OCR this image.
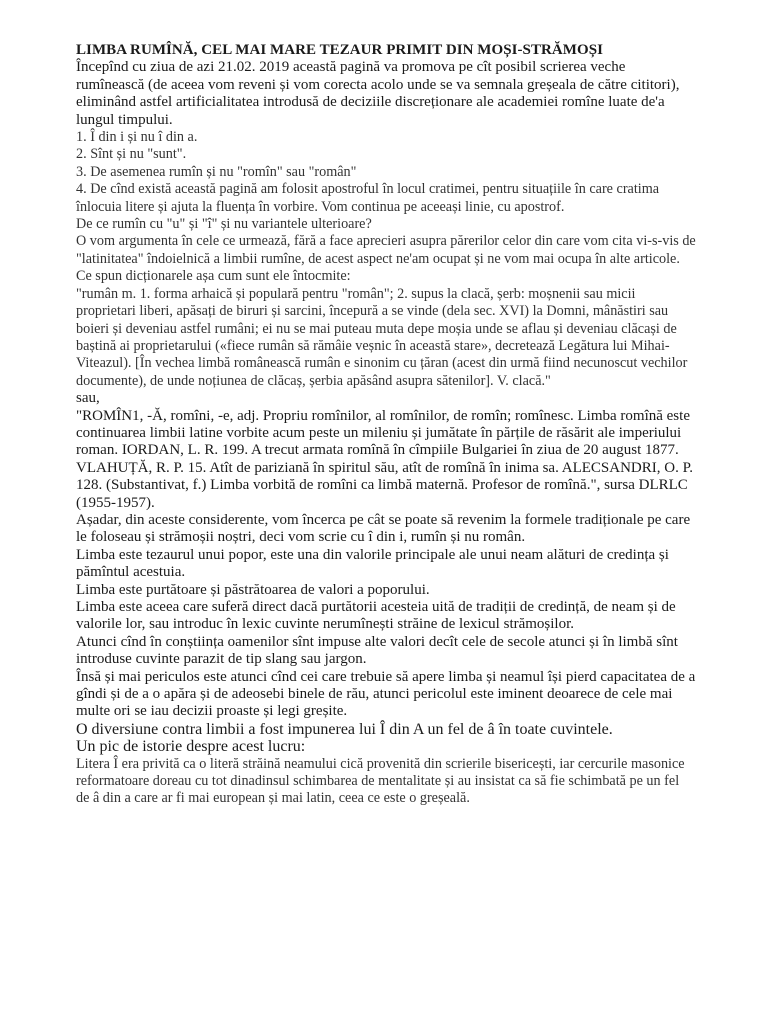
LIMBA RUMÎNĂ, CEL MAI MARE TEZAUR PRIMIT DIN MOȘI-STRĂMOȘI

Începînd cu ziua de azi 21.02. 2019 această pagină va promova pe cît posibil scrierea veche rumînească (de aceea vom reveni și vom corecta acolo unde se va semnala greșeala de către cititori), eliminând astfel artificialitatea introdusă de deciziile discreționare ale academiei romîne luate de'a lungul timpului.

1. Î din i și nu î din a.

2. Sînt și nu "sunt".

3. De asemenea rumîn și nu "romîn" sau "român"

4. De cînd există această pagină am folosit apostroful în locul cratimei, pentru situațiile în care cratima înlocuia litere și ajuta la fluența în vorbire. Vom continua pe aceeași linie, cu apostrof.

De ce rumîn cu "u" și "î" și nu variantele ulterioare?

O vom argumenta în cele ce urmează, fără a face aprecieri asupra părerilor celor din care vom cita vi-s-vis de "latinitatea" îndoielnică a limbii rumîne, de acest aspect ne'am ocupat și ne vom mai ocupa în alte articole.

Ce spun dicționarele așa cum sunt ele întocmite:

"rumân m. 1. forma arhaică și populară pentru "român"; 2. supus la clacă, șerb: moșnenii sau micii proprietari liberi, apăsați de biruri și sarcini, începură a se vinde (dela sec. XVI) la Domni, mânăstiri sau boieri și deveniau astfel rumâni; ei nu se mai puteau muta depe moșia unde se aflau și deveniau clăcași de baștină ai proprietarului («fiece rumân să rămâie veșnic în această stare», decretează Legătura lui Mihai-Viteazul). [În vechea limbă românească rumân e sinonim cu țăran (acest din urmă fiind necunoscut vechilor documente), de unde noțiunea de clăcaș, șerbia apăsând asupra sătenilor]. V. clacă."

sau,

"ROMÎN1, -Ă, romîni, -e, adj. Propriu romînilor, al romînilor, de romîn; romînesc. Limba romînă este continuarea limbii latine vorbite acum peste un mileniu și jumătate în părțile de răsărit ale imperiului roman. IORDAN, L. R. 199. A trecut armata romînă în cîmpiile Bulgariei în ziua de 20 august 1877. VLAHUȚĂ, R. P. 15. Atît de parizіană în spiritul său, atît de romînă în inima sa. ALECSANDRI, O. P. 128. (Substantivat, f.) Limba vorbită de romîni ca limbă maternă. Profesor de romînă.", sursa DLRLC (1955-1957).

Așadar, din aceste considerente, vom încerca pe cât se poate să revenim la formele tradiționale pe care le foloseau și strămoșii noștri, deci vom scrie cu î din i, rumîn și nu român.

Limba este tezaurul unui popor, este una din valorile principale ale unui neam alături de credința și pămîntul acestuia.

Limba este purtătoare și păstrătoarea de valori a poporului.

Limba este aceea care suferă direct dacă purtătorii acesteia uită de tradiții de credință, de neam și de valorile lor, sau introduc în lexic cuvinte nerumînești străine de lexicul strămoșilor.

Atunci cînd în conștiința oamenilor sînt impuse alte valori decît cele de secole atunci și în limbă sînt introduse cuvinte parazit de tip slang sau jargon.

Însă și mai periculos este atunci cînd cei care trebuie să apere limba și neamul își pierd capacitatea de a gîndi și de a o apăra și de adeosebi binele de rău, atunci pericolul este iminent deoarece de cele mai multe ori se iau decizii proaste și legi greșite.

O diversiune contra limbii a fost impunerea lui Î din A un fel de â în toate cuvintele.

Un pic de istorie despre acest lucru:

Litera Î era privită ca o literă străină neamului cică provenită din scrierile bisericești, iar cercurile masonice reformatoare doreau cu tot dinadinsul schimbarea de mentalitate și au insistat ca să fie schimbată pe un fel de â din a care ar fi mai european și mai latin, ceea ce este o greșeală.
